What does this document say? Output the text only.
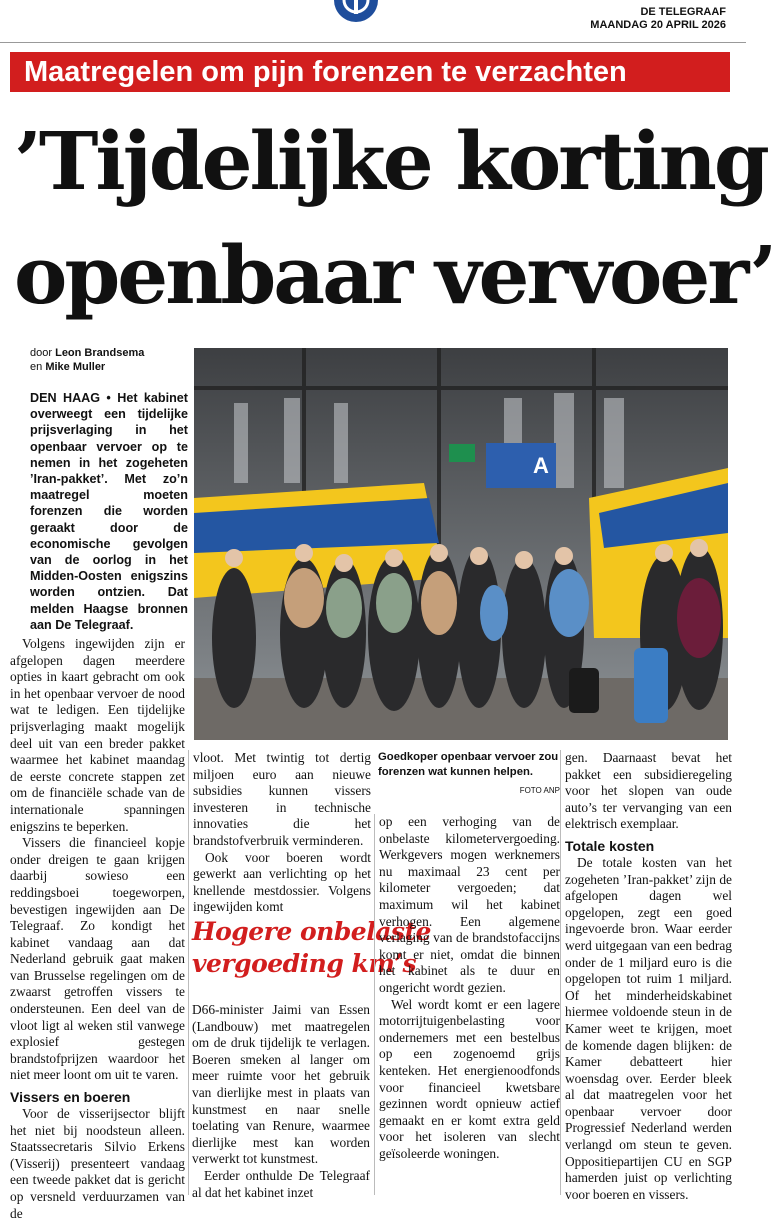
DE TELEGRAAF
MAANDAG 20 APRIL 2026
Maatregelen om pijn forenzen te verzachten
’Tijdelijke korting
openbaar vervoer’
door Leon Brandsema
en Mike Muller
DEN HAAG • Het kabinet overweegt een tijdelijke prijsverlaging in het openbaar vervoer op te nemen in het zogeheten ’Iran-pakket’. Met zo’n maatregel moeten forenzen die worden geraakt door de economische gevolgen van de oorlog in het Midden-Oosten enigszins worden ontzien. Dat melden Haagse bronnen aan De Telegraaf.
A

Volgens ingewijden zijn er afgelopen dagen meerdere opties in kaart gebracht om ook in het openbaar vervoer de nood wat te ledigen. Een tijdelijke prijsverlaging maakt mogelijk deel uit van een breder pakket waarmee het kabinet maandag de eerste concrete stappen zet om de financiële schade van de internationale spanningen enigszins te beperken.

Vissers die financieel kopje onder dreigen te gaan krijgen daarbij sowieso een reddingsboei toegeworpen, bevestigen ingewijden aan De Telegraaf. Zo kondigt het kabinet vandaag aan dat Nederland gebruik gaat maken van Brusselse regelingen om de zwaarst getroffen vissers te ondersteunen. Een deel van de vloot ligt al weken stil vanwege explosief gestegen brandstofprijzen waardoor het niet meer loont om uit te varen.

Vissers en boeren

Voor de visserijsector blijft het niet bij noodsteun alleen. Staatssecretaris Silvio Erkens (Visserij) presenteert vandaag een tweede pakket dat is gericht op versneld verduurzamen van de

vloot. Met twintig tot dertig miljoen euro aan nieuwe subsidies kunnen vissers investeren in technische innovaties die het brandstofverbruik verminderen.

Ook voor boeren wordt gewerkt aan verlichting op het knellende mestdossier. Volgens ingewijden komt

Hogere onbelaste vergoeding km’s

D66-minister Jaimi van Essen (Landbouw) met maatregelen om de druk tijdelijk te verlagen. Boeren smeken al langer om meer ruimte voor het gebruik van dierlijke mest in plaats van kunstmest en naar snelle toelating van Renure, waarmee dierlijke mest kan worden verwerkt tot kunstmest.

Eerder onthulde De Telegraaf al dat het kabinet inzet

Goedkoper openbaar vervoer zou forenzen wat kunnen helpen.
FOTO ANP

op een verhoging van de onbelaste kilometervergoeding. Werkgevers mogen werknemers nu maximaal 23 cent per kilometer vergoeden; dat maximum wil het kabinet verhogen. Een algemene verlaging van de brandstofaccijns komt er niet, omdat die binnen het kabinet als te duur en ongericht wordt gezien.

Wel wordt komt er een lagere motorrijtuigenbelasting voor ondernemers met een bestelbus op een zogenoemd grijs kenteken. Het energienoodfonds voor financieel kwetsbare gezinnen wordt opnieuw actief gemaakt en er komt extra geld voor het isoleren van slecht geïsoleerde woningen.

gen. Daarnaast bevat het pakket een subsidieregeling voor het slopen van oude auto’s ter vervanging van een elektrisch exemplaar.

Totale kosten

De totale kosten van het zogeheten ’Iran-pakket’ zijn de afgelopen dagen wel opgelopen, zegt een goed ingevoerde bron. Waar eerder werd uitgegaan van een bedrag onder de 1 miljard euro is die opgelopen tot ruim 1 miljard. Of het minderheidskabinet hiermee voldoende steun in de Kamer weet te krijgen, moet de komende dagen blijken: de Kamer debatteert hier woensdag over. Eerder bleek al dat maatregelen voor het openbaar vervoer door Progressief Nederland werden verlangd om steun te geven. Oppositiepartijen CU en SGP hamerden juist op verlichting voor boeren en vissers.
